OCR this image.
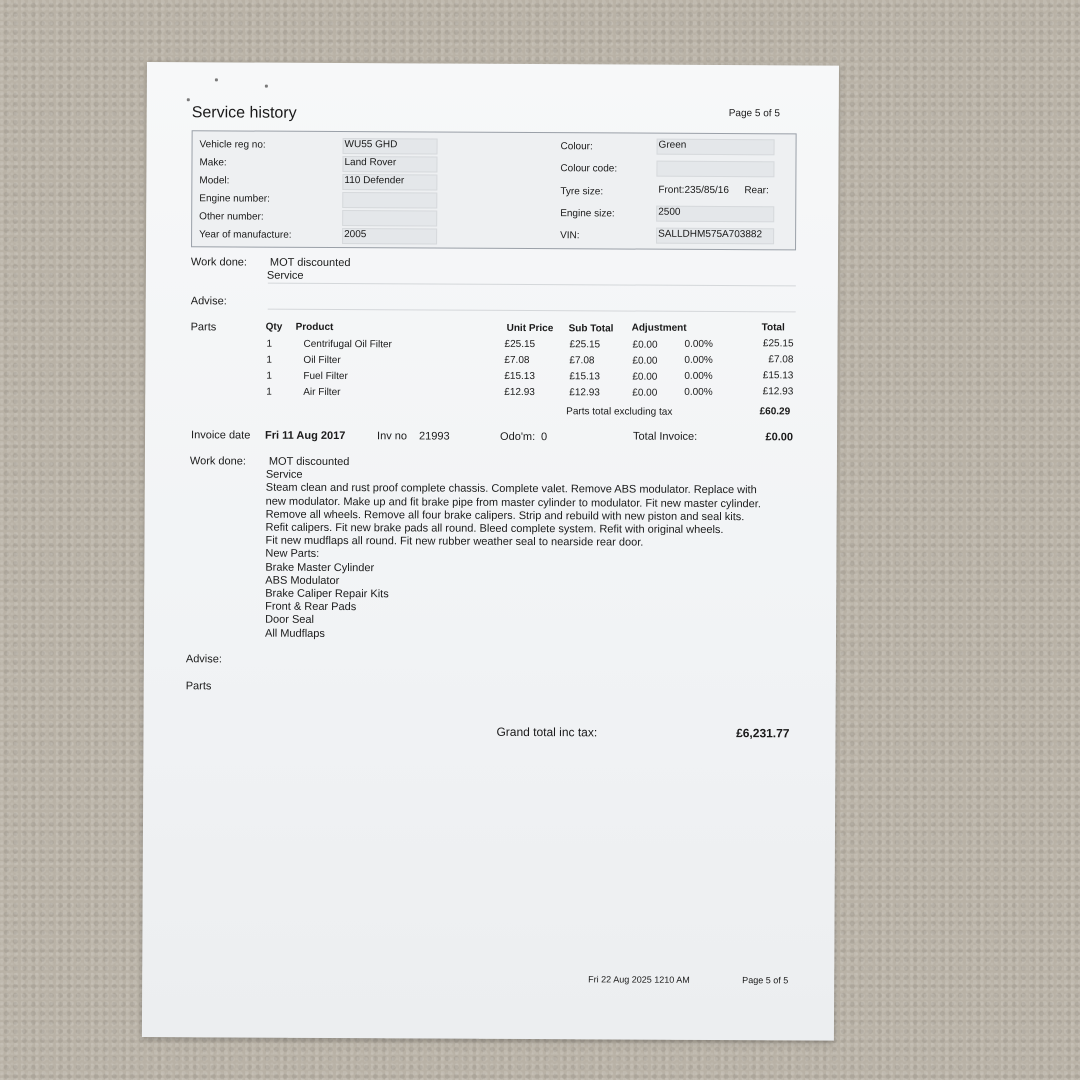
Service history	Page 5 of 5
Vehicle reg no:	WU55 GHD
Make:	Land Rover
Model:	110 Defender
Engine number:
Other number:
Year of manufacture:	2005
Colour:	Green
Colour code:
Tyre size:	Front:235/85/16 Rear:
Engine size:	2500
VIN:	SALLDHM575A703882
Work done: MOT discounted
Service
Advise:
Parts	Qty Product	Unit Price Sub Total Adjustment	Total
1	Centrifugal Oil Filter	£25.15	£25.15	£0.00	0.00%	£25.15
1	Oil Filter	£7.08	£7.08	£0.00	0.00%	£7.08
1	Fuel Filter	£15.13	£15.13	£0.00	0.00%	£15.13
1	Air Filter	£12.93	£12.93	£0.00	0.00%	£12.93
Parts total excluding tax	£60.29
Invoice date Fri 11 Aug 2017	Inv no 21993	Odo'm: 0	Total Invoice:	£0.00
Work done: MOT discounted
Service
Steam clean and rust proof complete chassis. Complete valet. Remove ABS modulator. Replace with
new modulator. Make up and fit brake pipe from master cylinder to modulator. Fit new master cylinder.
Remove all wheels. Remove all four brake calipers. Strip and rebuild with new piston and seal kits.
Refit calipers. Fit new brake pads all round. Bleed complete system. Refit with original wheels.
Fit new mudflaps all round. Fit new rubber weather seal to nearside rear door.
New Parts:
Brake Master Cylinder
ABS Modulator
Brake Caliper Repair Kits
Front & Rear Pads
Door Seal
All Mudflaps
Advise:
Parts
Grand total inc tax:	£6,231.77
Fri 22 Aug 2025 1210 AM	Page 5 of 5
